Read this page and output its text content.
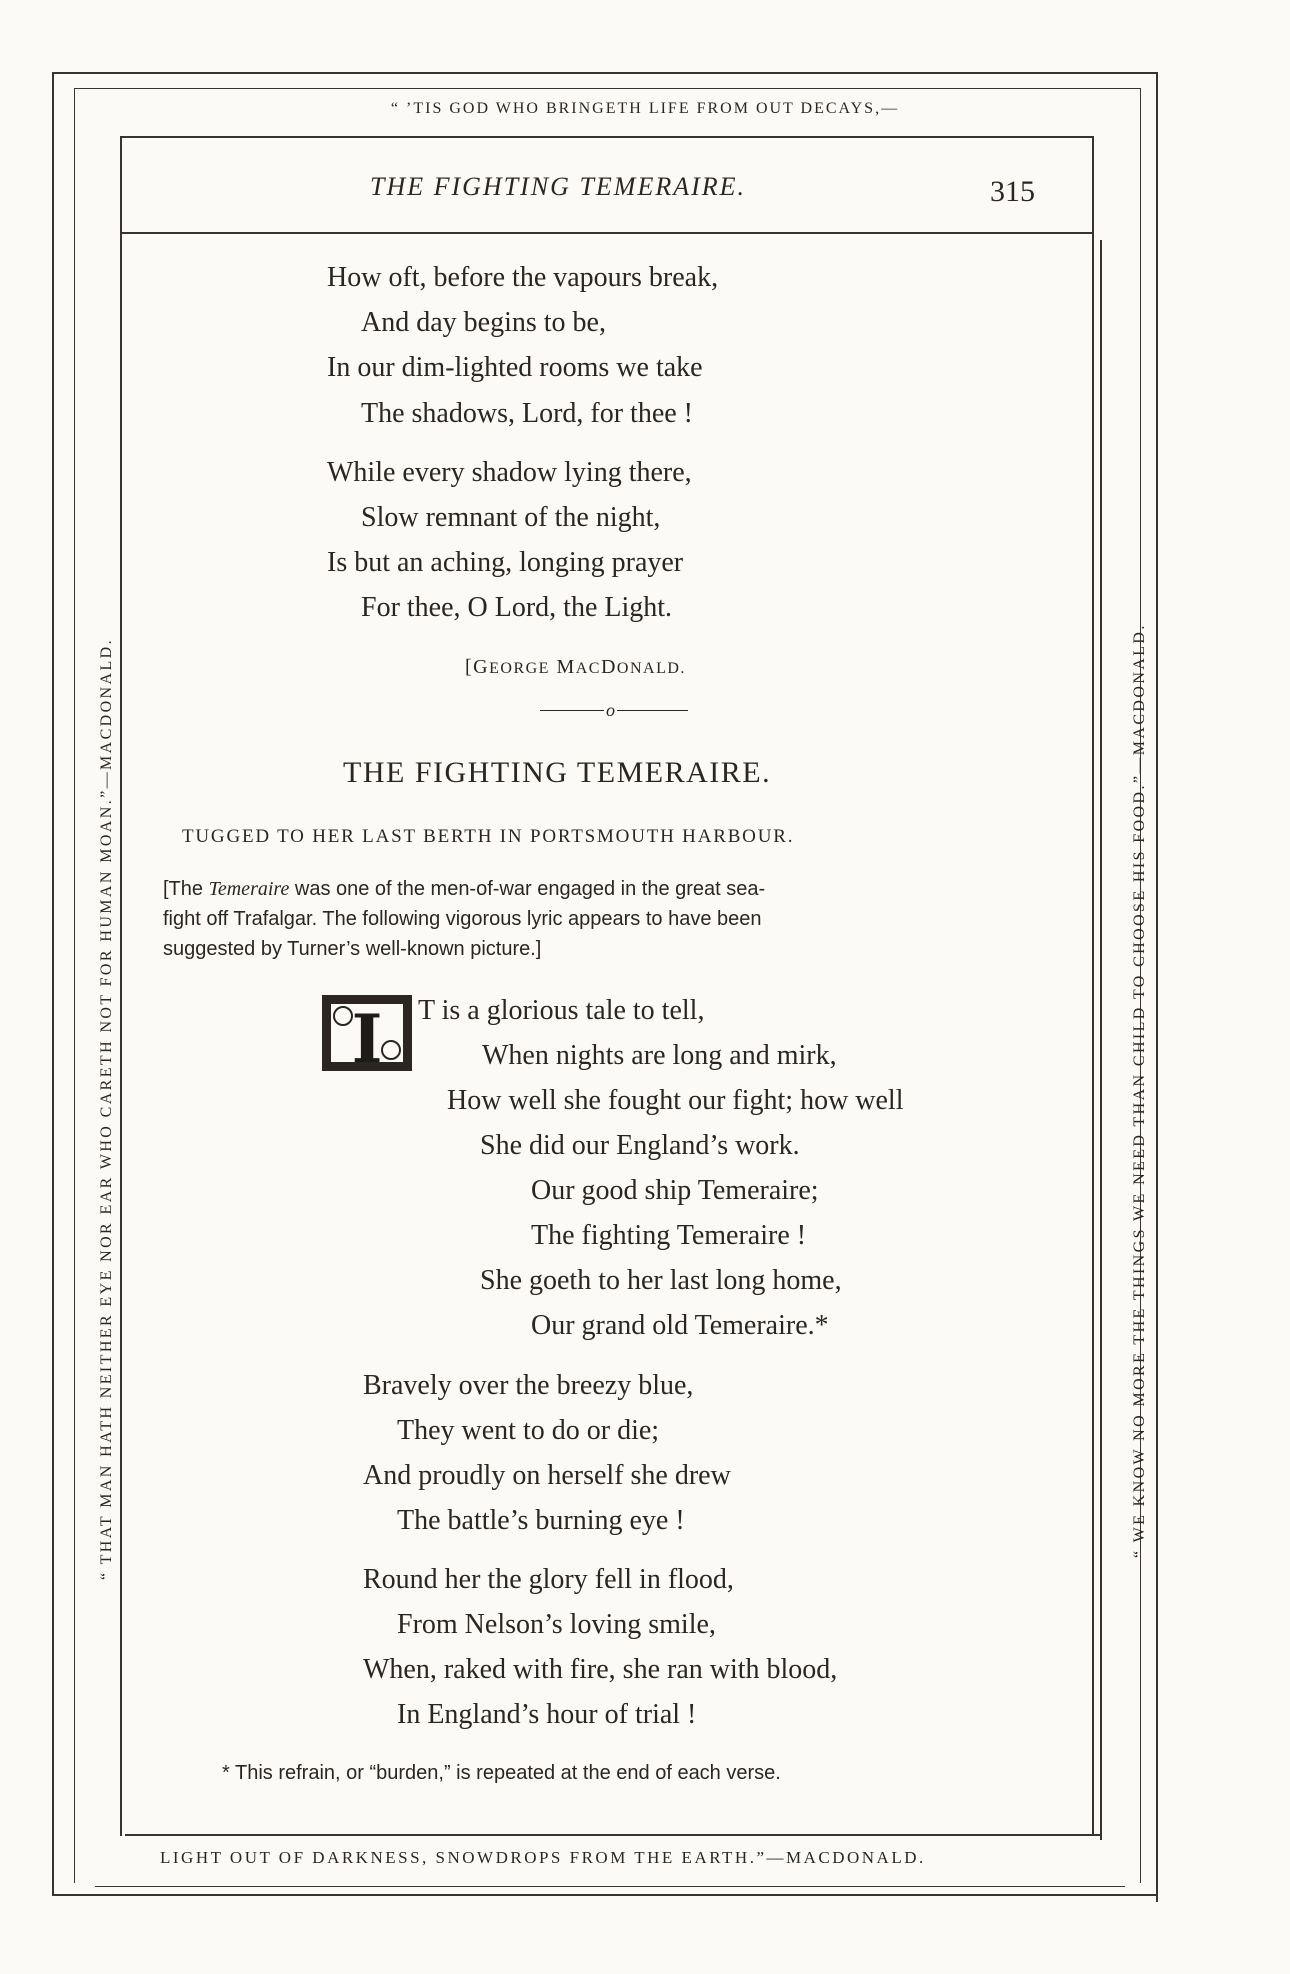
“ ’TIS GOD WHO BRINGETH LIFE FROM OUT DECAYS,—
LIGHT OUT OF DARKNESS, SNOWDROPS FROM THE EARTH.”—MACDONALD.
“ THAT MAN HATH NEITHER EYE NOR EAR WHO CARETH NOT FOR HUMAN MOAN.”—MACDONALD.	“ WE KNOW NO MORE THE THINGS WE NEED THAN CHILD TO CHOOSE HIS FOOD.”—MACDONALD.
THE FIGHTING TEMERAIRE.	315
How oft, before the vapours break,
And day begins to be,
In our dim-lighted rooms we take
The shadows, Lord, for thee !
While every shadow lying there,
Slow remnant of the night,
Is but an aching, longing prayer
For thee, O Lord, the Light.
[GEORGE MACDONALD.
o
THE FIGHTING TEMERAIRE.
TUGGED TO HER LAST BERTH IN PORTSMOUTH HARBOUR.
[The Temeraire was one of the men-of-war engaged in the great sea-
fight off Trafalgar. The following vigorous lyric appears to have been
suggested by Turner’s well-known picture.]
I	T is a glorious tale to tell,
When nights are long and mirk,
How well she fought our fight; how well
She did our England’s work.
Our good ship Temeraire;
The fighting Temeraire !
She goeth to her last long home,
Our grand old Temeraire.*
Bravely over the breezy blue,
They went to do or die;
And proudly on herself she drew
The battle’s burning eye !
Round her the glory fell in flood,
From Nelson’s loving smile,
When, raked with fire, she ran with blood,
In England’s hour of trial !
* This refrain, or “burden,” is repeated at the end of each verse.
